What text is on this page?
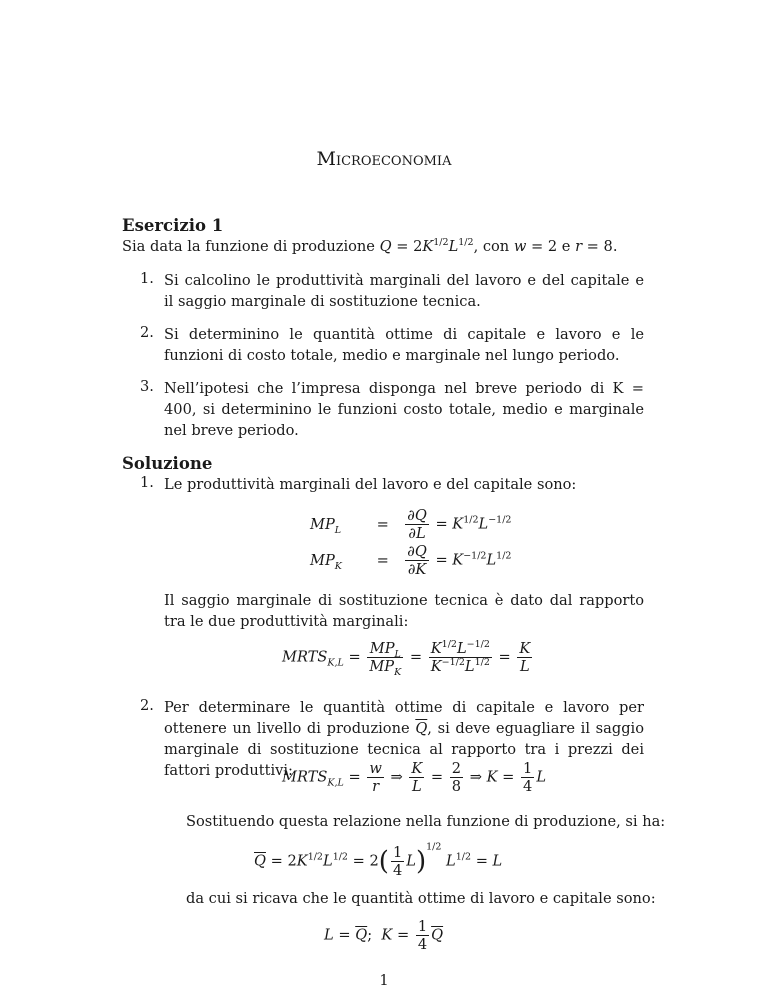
Microeconomia
Esercizio 1
Sia data la funzione di produzione $Q = 2K^{1/2}L^{1/2}$, con w = 2 e r = 8.
1. Si calcolino le produttività marginali del lavoro e del capitale e il saggio marginale di sostituzione tecnica.
2. Si determinino le quantità ottime di capitale e lavoro e le funzioni di costo totale, medio e marginale nel lungo periodo.
3. Nell’ipotesi che l’impresa disponga nel breve periodo di K = 400, si determinino le funzioni costo totale, medio e marginale nel breve periodo.
Soluzione
1. Le produttività marginali del lavoro e del capitale sono:
$MP_L = \frac{\partial Q}{\partial L} = K^{1/2}L^{-1/2}$
$MP_K = \frac{\partial Q}{\partial K} = K^{-1/2}L^{1/2}$
Il saggio marginale di sostituzione tecnica è dato dal rapporto tra le due produttività marginali:
$MRTS_{K,L} = \frac{MP_L}{MP_K} = \frac{K^{1/2}L^{-1/2}}{K^{-1/2}L^{1/2}} = \frac{K}{L}$
2. Per determinare le quantità ottime di capitale e lavoro per ottenere un livello di produzione $\overline{Q}$, si deve eguagliare il saggio marginale di sostituzione tecnica al rapporto tra i prezzi dei fattori produttivi:
$MRTS_{K,L} = \frac{w}{r}$ ⇒ $\frac{K}{L} = \frac{2}{8}$ ⇒ $K = \frac{1}{4}$ L
Sostituendo questa relazione nella funzione di produzione, si ha:
$\overline{Q} = 2K^{1/2}L^{1/2} = 2( \frac{1}{4} L)^{1/2}$ $L^{1/2} = L$
da cui si ricava che le quantità ottime di lavoro e capitale sono:
$L = \overline{Q}$;  $K = \frac{1}{4} \overline{Q}$
1
